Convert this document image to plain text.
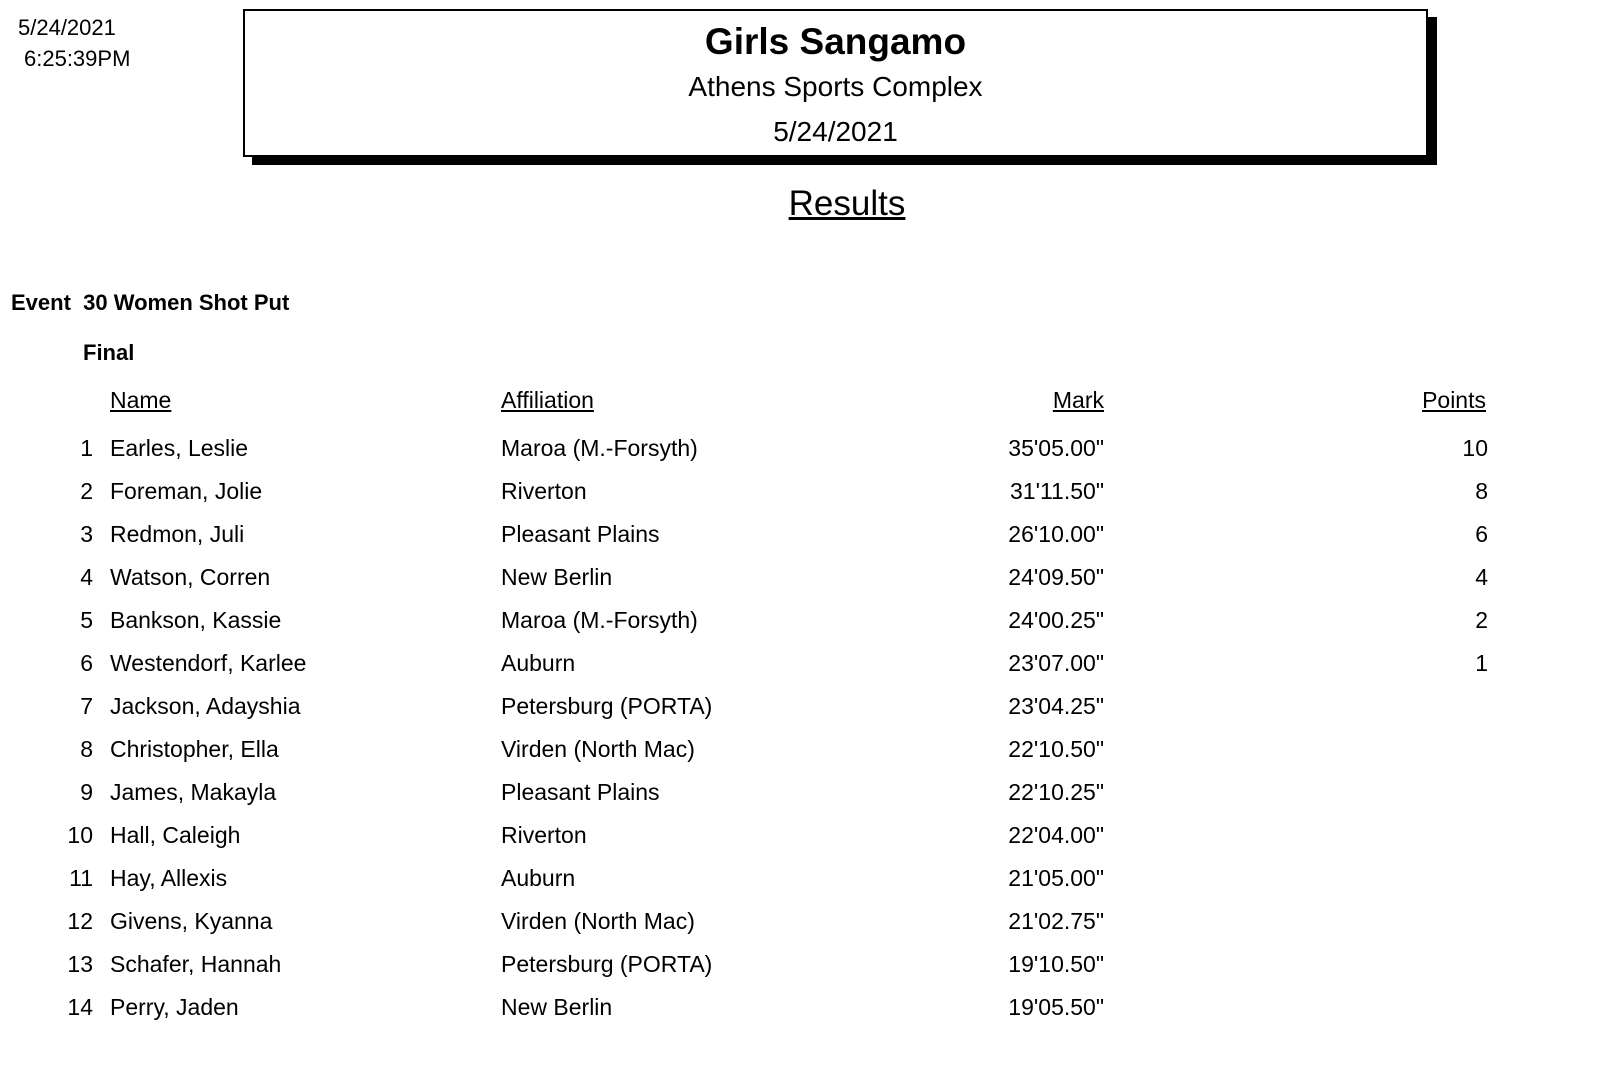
5/24/2021
6:25:39PM	Girls Sangamo
Athens Sports Complex
5/24/2021
Results
Event  30 Women Shot Put
Final
Name	Affiliation	Mark	Points
1 Earles, Leslie	Maroa (M.-Forsyth)	35'05.00"	10
2 Foreman, Jolie	Riverton	31'11.50"	8
3 Redmon, Juli	Pleasant Plains	26'10.00"	6
4 Watson, Corren	New Berlin	24'09.50"	4
5 Bankson, Kassie	Maroa (M.-Forsyth)	24'00.25"	2
6 Westendorf, Karlee	Auburn	23'07.00"	1
7 Jackson, Adayshia	Petersburg (PORTA)	23'04.25"
8 Christopher, Ella	Virden (North Mac)	22'10.50"
9 James, Makayla	Pleasant Plains	22'10.25"
10 Hall, Caleigh	Riverton	22'04.00"
11 Hay, Allexis	Auburn	21'05.00"
12 Givens, Kyanna	Virden (North Mac)	21'02.75"
13 Schafer, Hannah	Petersburg (PORTA)	19'10.50"
14 Perry, Jaden	New Berlin	19'05.50"
